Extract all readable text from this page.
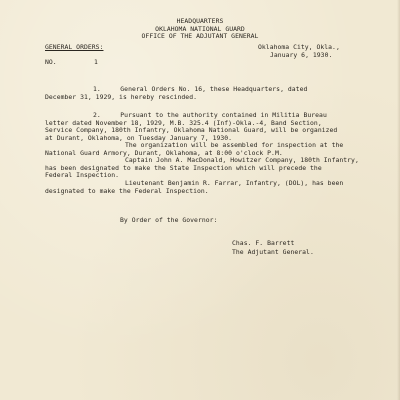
HEADQUARTERS
OKLAHOMA NATIONAL GUARD
OFFICE OF THE ADJUTANT GENERAL
GENERAL ORDERS:	Oklahoma City, Okla.,
January 6, 1930.
NO.	1
1.     General Orders No. 16, these Headquarters, dated
December 31, 1929, is hereby rescinded.
2.     Pursuant to the authority contained in Militia Bureau
letter dated November 18, 1929, M.B. 325.4 (Inf)-Okla.-4, Band Section,
Service Company, 180th Infantry, Oklahoma National Guard, will be organized
at Durant, Oklahoma, on Tuesday January 7, 1930.
The organization will be assembled for inspection at the
National Guard Armory, Durant, Oklahoma, at 8:00 o'clock P.M.
Captain John A. MacDonald, Howitzer Company, 180th Infantry,
has been designated to make the State Inspection which will precede the
Federal Inspection.
Lieutenant Benjamin R. Farrar, Infantry, (DOL), has been
designated to make the Federal Inspection.
By Order of the Governor:
Chas. F. Barrett
The Adjutant General.
